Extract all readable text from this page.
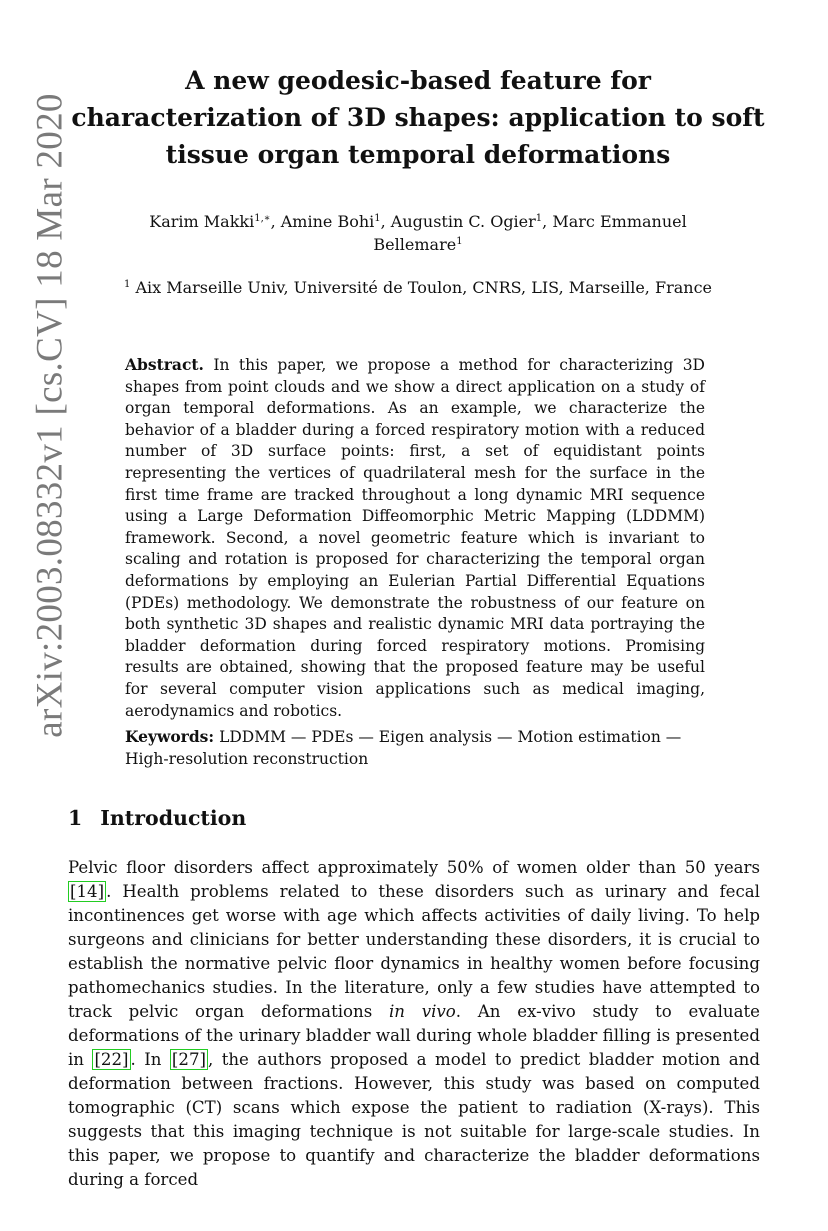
arXiv:2003.08332v1 [cs.CV] 18 Mar 2020
A new geodesic-based feature for characterization of 3D shapes: application to soft tissue organ temporal deformations
Karim Makki$^{1,∗}$, Amine Bohi$^1$, Augustin C. Ogier$^1$, Marc Emmanuel Bellemare$^1$
$^1$ Aix Marseille Univ, Université de Toulon, CNRS, LIS, Marseille, France

Abstract. In this paper, we propose a method for characterizing 3D shapes from point clouds and we show a direct application on a study of organ temporal deformations. As an example, we characterize the behavior of a bladder during a forced respiratory motion with a reduced number of 3D surface points: first, a set of equidistant points representing the vertices of quadrilateral mesh for the surface in the first time frame are tracked throughout a long dynamic MRI sequence using a Large Deformation Diffeomorphic Metric Mapping (LDDMM) framework. Second, a novel geometric feature which is invariant to scaling and rotation is proposed for characterizing the temporal organ deformations by employing an Eulerian Partial Differential Equations (PDEs) methodology. We demonstrate the robustness of our feature on both synthetic 3D shapes and realistic dynamic MRI data portraying the bladder deformation during forced respiratory motions. Promising results are obtained, showing that the proposed feature may be useful for several computer vision applications such as medical imaging, aerodynamics and robotics.

Keywords: LDDMM — PDEs — Eigen analysis — Motion estimation — High-resolution reconstruction
1 Introduction

Pelvic floor disorders affect approximately 50% of women older than 50 years [14] . Health problems related to these disorders such as urinary and fecal incontinences get worse with age which affects activities of daily living. To help surgeons and clinicians for better understanding these disorders, it is crucial to establish the normative pelvic floor dynamics in healthy women before focusing pathomechanics studies. In the literature, only a few studies have attempted to track pelvic organ deformations in vivo. An ex-vivo study to evaluate deformations of the urinary bladder wall during whole bladder filling is presented in [22] . In [27] , the authors proposed a model to predict bladder motion and deformation between fractions. However, this study was based on computed tomographic (CT) scans which expose the patient to radiation (X-rays). This suggests that this imaging technique is not suitable for large-scale studies. In this paper, we propose to quantify and characterize the bladder deformations during a forced
